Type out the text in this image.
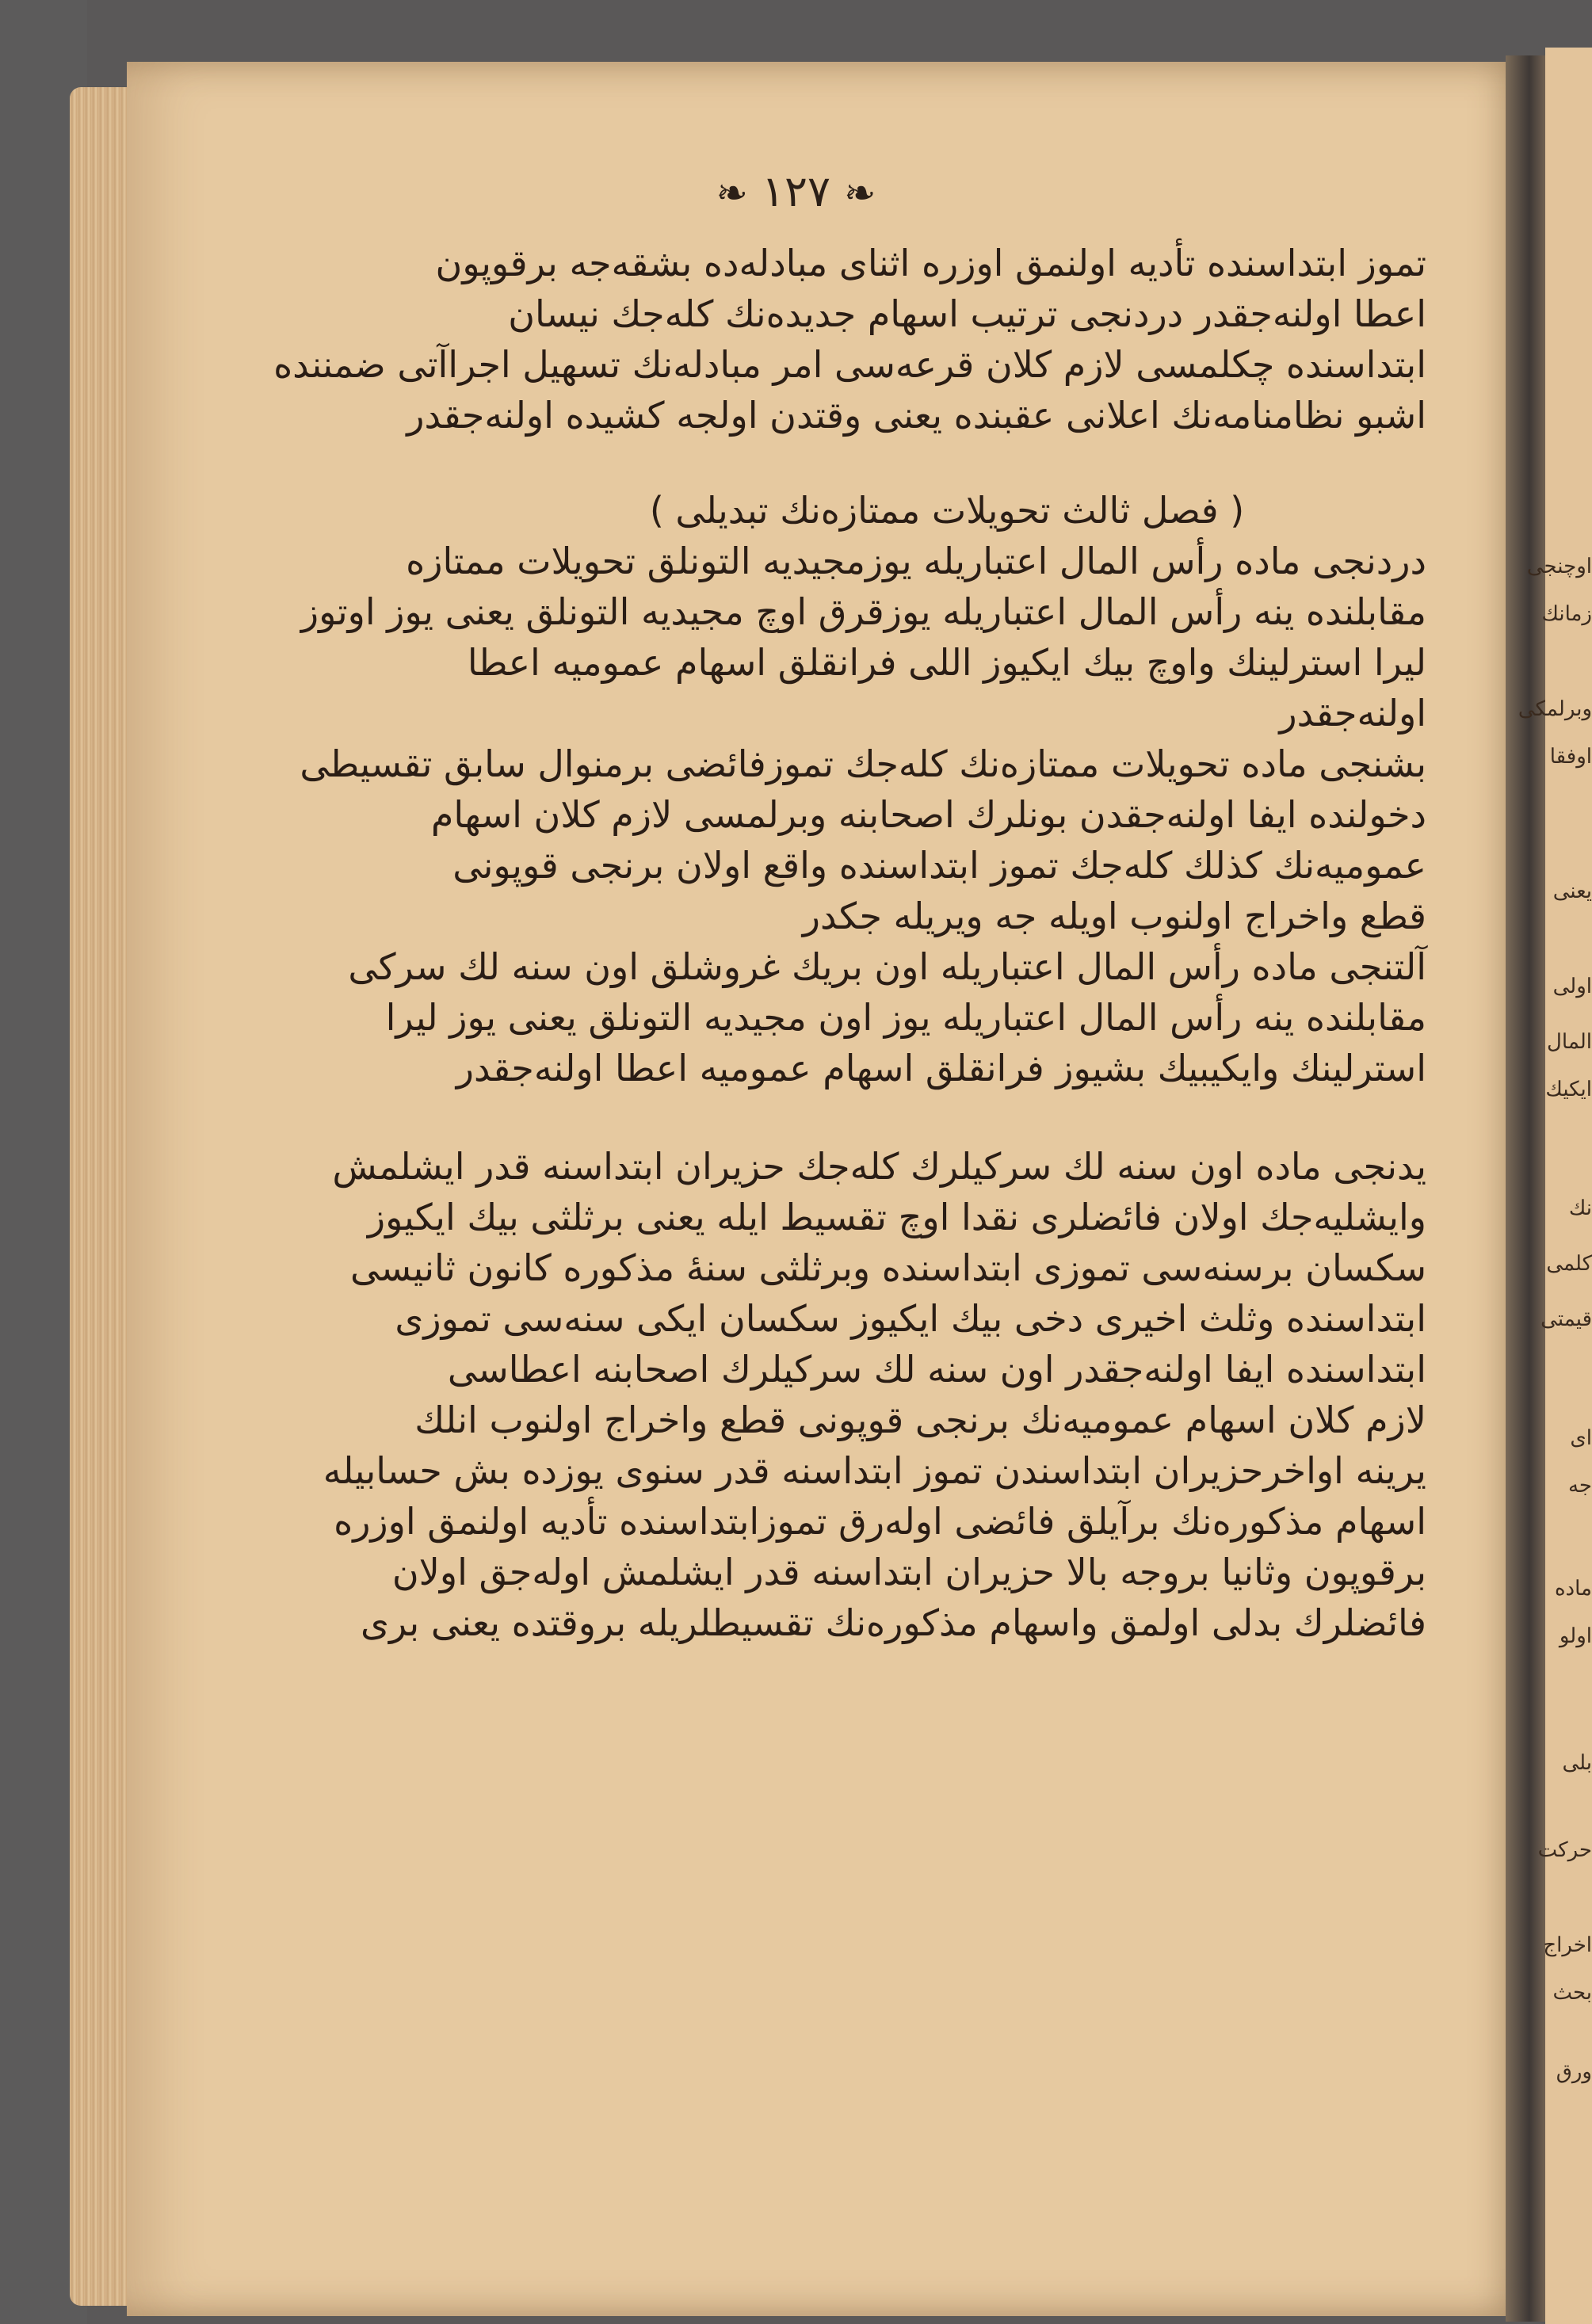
اوچنجى
زمانك
وبرلمكى
اوفقا
يعنى
اولى
المال
ايكيك
نك
كلمى
قيمتى
اى
جه
ماده
اولو
بلى
حركت
اخراج
بحث
ورق
❧ ١٢٧ ❧
تموز ابتداسنده تأديه اولنمق اوزره اثناى مبادلەده بشقەجه برقوپون
اعطا اولنەجقدر دردنجى ترتيب اسهام جديدەنك كلەجك نيسان
ابتداسنده چكلمسى لازم كلان قرعەسى امر مبادلەنك تسهيل اجراآتى ضمننده
اشبو نظامنامەنك اعلانى عقبنده يعنى وقتدن اولجه كشيده اولنەجقدر
( فصل ثالث تحويلات ممتازەنك تبديلى )
دردنجى ماده رأس المال اعتباريله يوزمجيديه التونلق تحويلات ممتازه
مقابلنده ينه رأس المال اعتباريله يوزقرق اوچ مجيديه التونلق يعنى يوز اوتوز
ليرا استرلينك واوچ بيك ايكيوز اللى فرانقلق اسهام عموميه اعطا
اولنەجقدر
بشنجى ماده تحويلات ممتازەنك كلەجك تموزفائضى برمنوال سابق تقسيطى
دخولنده ايفا اولنەجقدن بونلرك اصحابنه وبرلمسى لازم كلان اسهام
عموميەنك كذلك كلەجك تموز ابتداسنده واقع اولان برنجى قوپونى
قطع واخراج اولنوب اويله جه ويريله جكدر
آلتنجى ماده رأس المال اعتباريله اون بريك غروشلق اون سنه لك سركى
مقابلنده ينه رأس المال اعتباريله يوز اون مجيديه التونلق يعنى يوز ليرا
استرلينك وايكيبيك بشيوز فرانقلق اسهام عموميه اعطا اولنەجقدر
يدنجى ماده اون سنه لك سركيلرك كلەجك حزيران ابتداسنه قدر ايشلمش
وايشليەجك اولان فائضلرى نقدا اوچ تقسيط ايله يعنى برثلثى بيك ايكيوز
سكسان برسنەسى تموزى ابتداسنده وبرثلثى سنهٔ مذكوره كانون ثانيسى
ابتداسنده وثلث اخيرى دخى بيك ايكيوز سكسان ايكى سنەسى تموزى
ابتداسنده ايفا اولنەجقدر اون سنه لك سركيلرك اصحابنه اعطاسى
لازم كلان اسهام عموميەنك برنجى قوپونى قطع واخراج اولنوب انلك
يرينه اواخرحزيران ابتداسندن تموز ابتداسنه قدر سنوى يوزده بش حسابيله
اسهام مذكورەنك برآيلق فائضى اولەرق تموزابتداسنده تأديه اولنمق اوزره
برقوپون وثانيا بروجه بالا حزيران ابتداسنه قدر ايشلمش اولەجق اولان
فائضلرك بدلى اولمق واسهام مذكورەنك تقسيطلريله بروقتده يعنى برى
